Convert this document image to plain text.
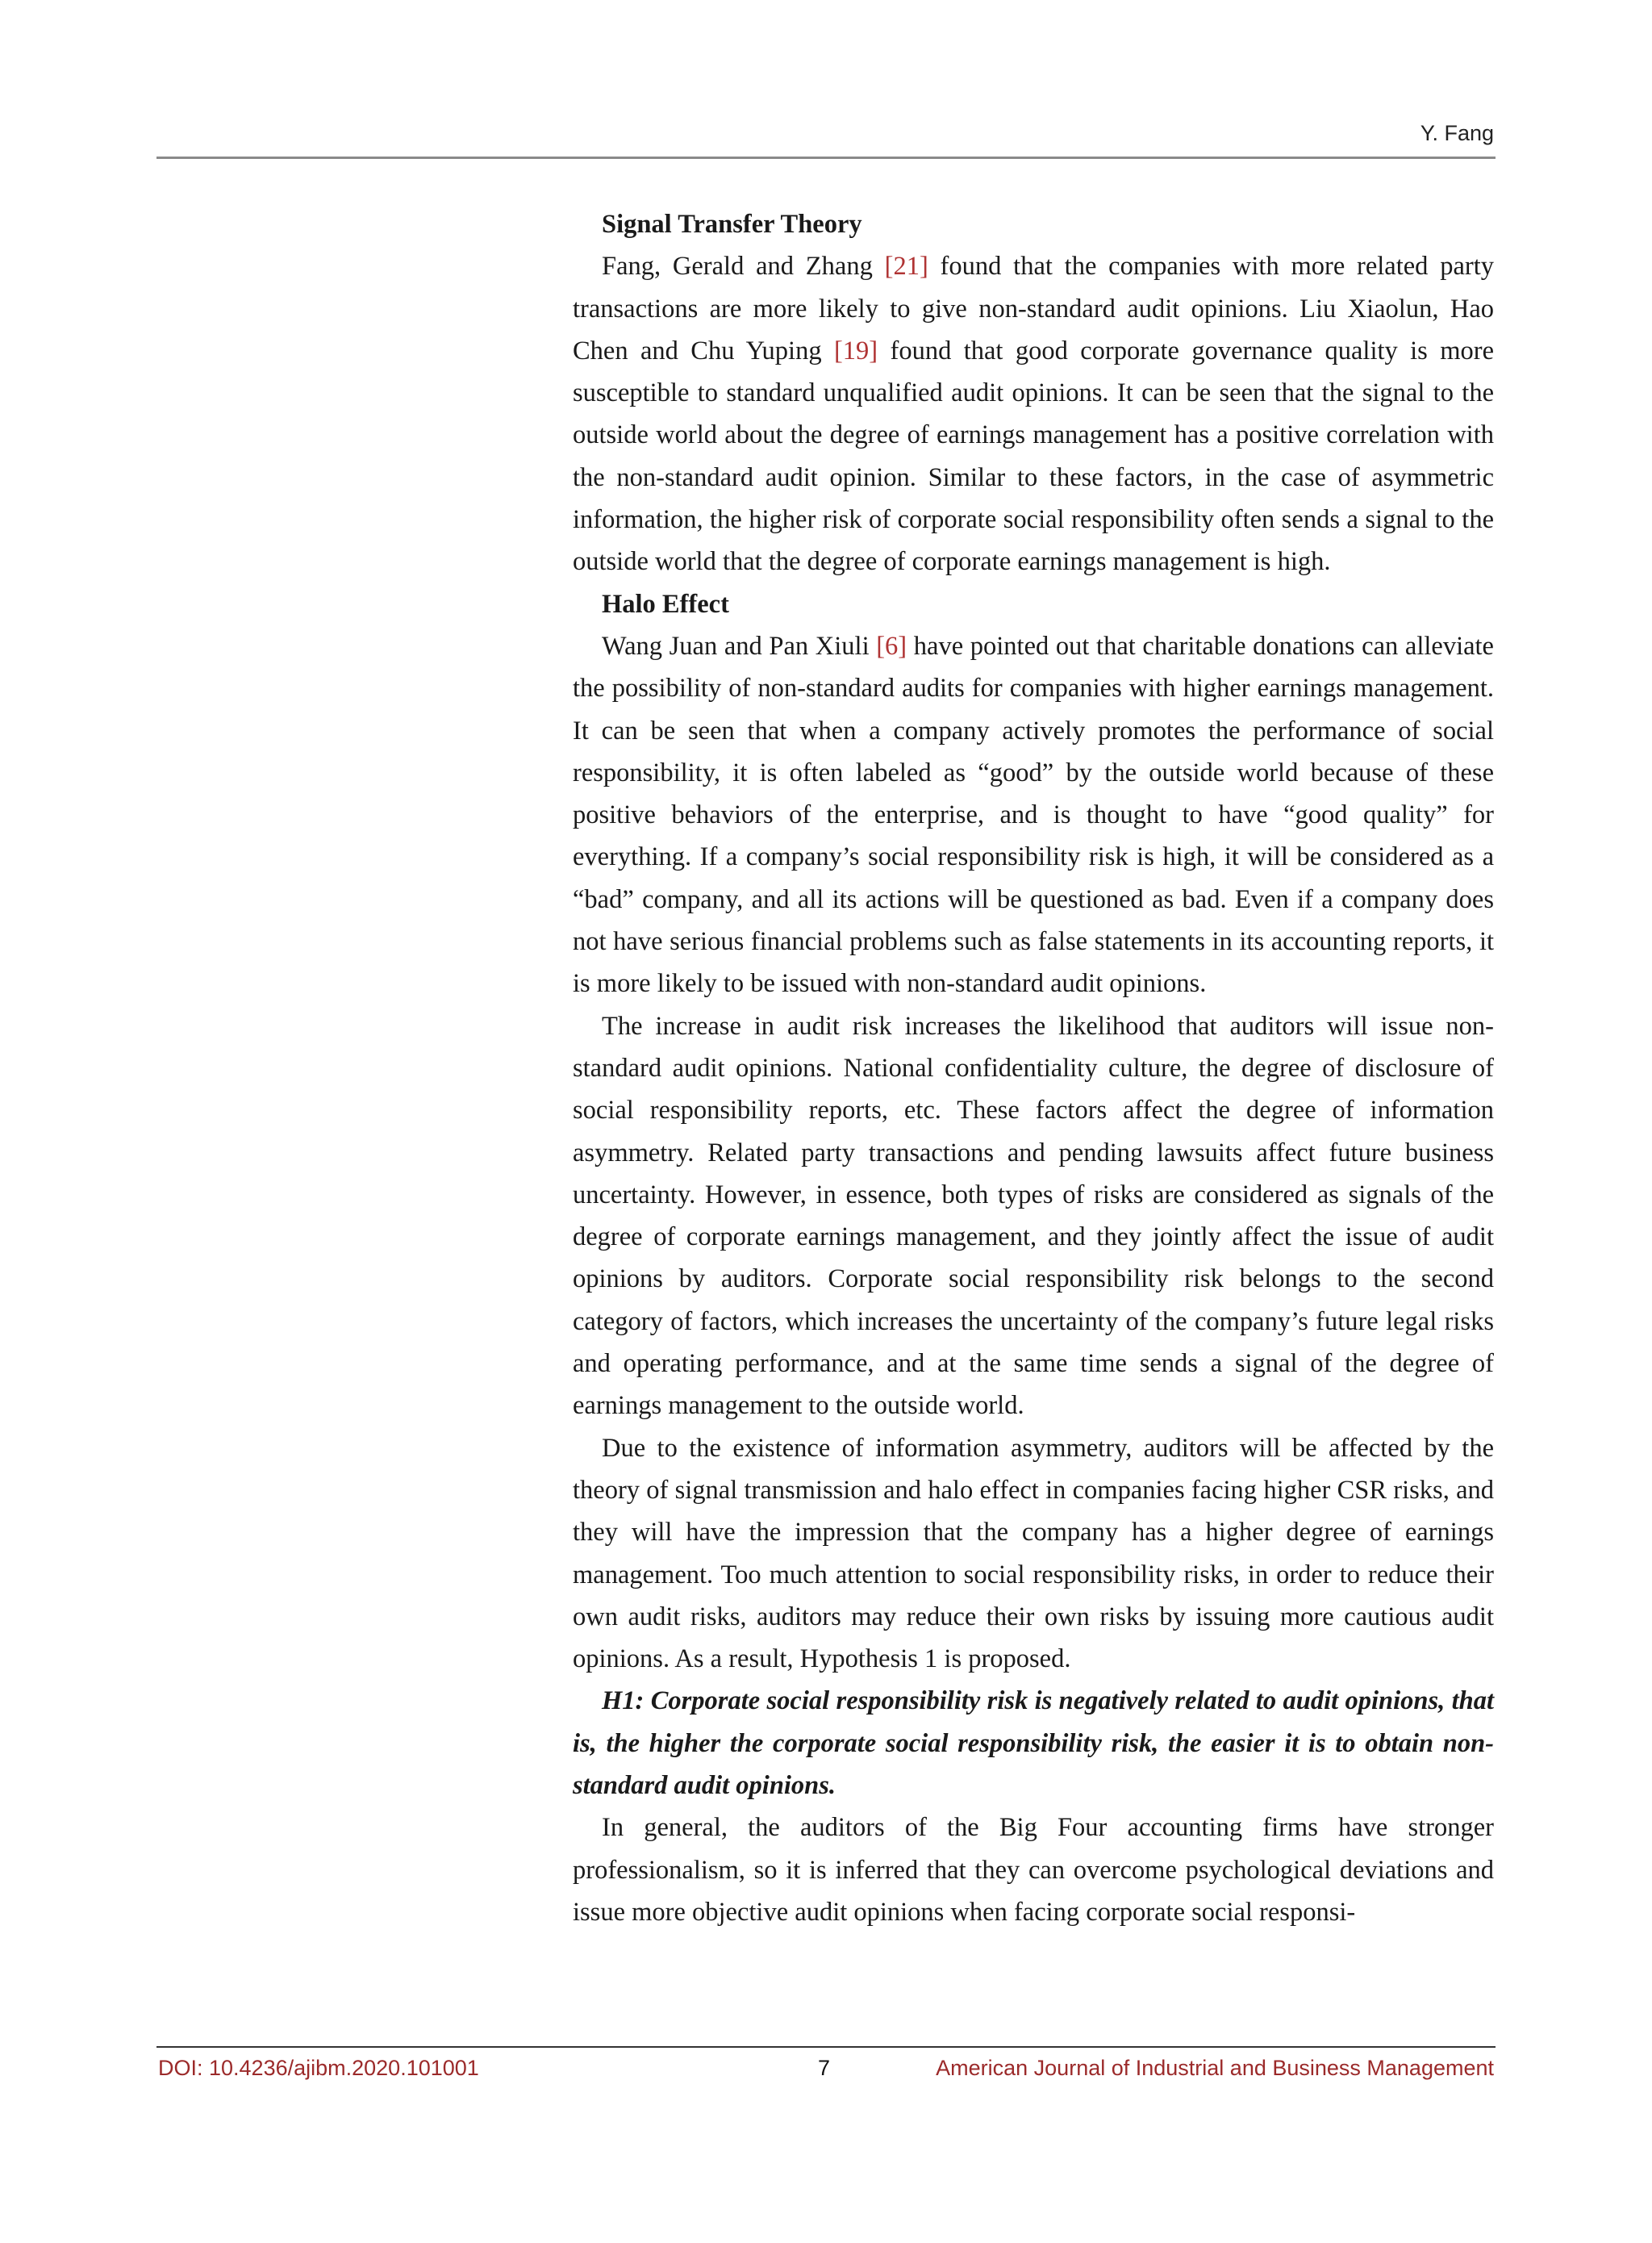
Y. Fang

Signal Transfer Theory

Fang, Gerald and Zhang [21] found that the companies with more related party transactions are more likely to give non-standard audit opinions. Liu Xiaolun, Hao Chen and Chu Yuping [19] found that good corporate governance quality is more susceptible to standard unqualified audit opinions. It can be seen that the signal to the outside world about the degree of earnings management has a positive correlation with the non-standard audit opinion. Similar to these factors, in the case of asymmetric information, the higher risk of corporate social responsibility often sends a signal to the outside world that the degree of corporate earnings management is high.

Halo Effect

Wang Juan and Pan Xiuli [6] have pointed out that charitable donations can alleviate the possibility of non-standard audits for companies with higher earnings management. It can be seen that when a company actively promotes the performance of social responsibility, it is often labeled as “good” by the outside world because of these positive behaviors of the enterprise, and is thought to have “good quality” for everything. If a company’s social responsibility risk is high, it will be considered as a “bad” company, and all its actions will be questioned as bad. Even if a company does not have serious financial problems such as false statements in its accounting reports, it is more likely to be issued with non-standard audit opinions.

The increase in audit risk increases the likelihood that auditors will issue non-standard audit opinions. National confidentiality culture, the degree of disclosure of social responsibility reports, etc. These factors affect the degree of information asymmetry. Related party transactions and pending lawsuits affect future business uncertainty. However, in essence, both types of risks are considered as signals of the degree of corporate earnings management, and they jointly affect the issue of audit opinions by auditors. Corporate social responsibility risk belongs to the second category of factors, which increases the uncertainty of the company’s future legal risks and operating performance, and at the same time sends a signal of the degree of earnings management to the outside world.

Due to the existence of information asymmetry, auditors will be affected by the theory of signal transmission and halo effect in companies facing higher CSR risks, and they will have the impression that the company has a higher degree of earnings management. Too much attention to social responsibility risks, in order to reduce their own audit risks, auditors may reduce their own risks by issuing more cautious audit opinions. As a result, Hypothesis 1 is proposed.

H1: Corporate social responsibility risk is negatively related to audit opinions, that is, the higher the corporate social responsibility risk, the easier it is to obtain non-standard audit opinions.

In general, the auditors of the Big Four accounting firms have stronger professionalism, so it is inferred that they can overcome psychological deviations and issue more objective audit opinions when facing corporate social responsi-

DOI: 10.4236/ajibm.2020.101001	7	American Journal of Industrial and Business Management
